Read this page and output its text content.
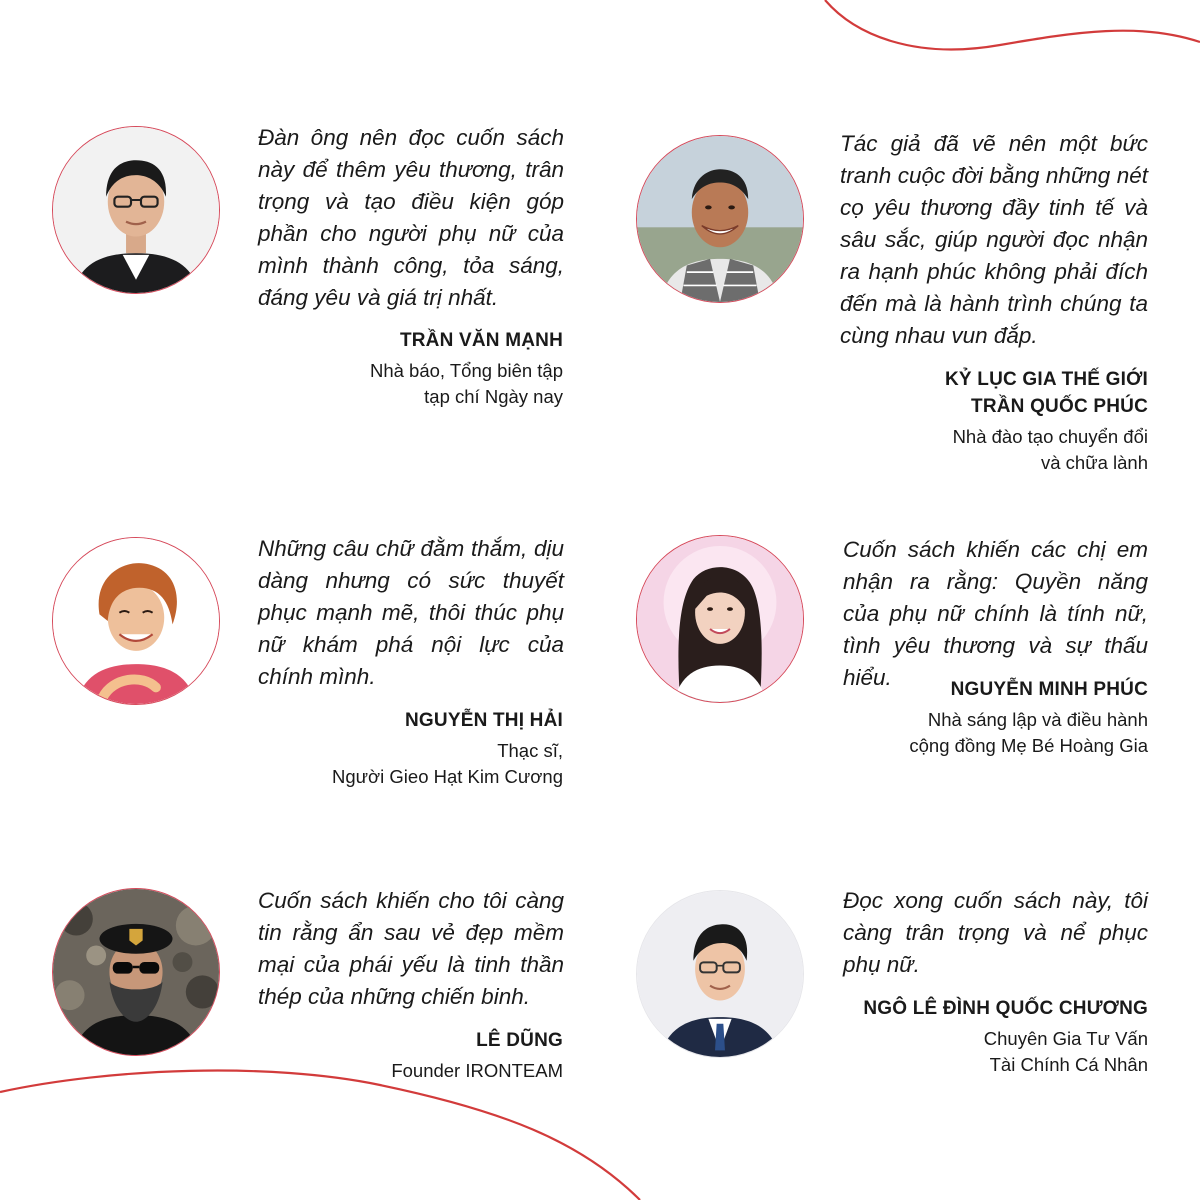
Đàn ông nên đọc cuốn sách này để thêm yêu thương, trân trọng và tạo điều kiện góp phần cho người phụ nữ của mình thành công, tỏa sáng, đáng yêu và giá trị nhất.

TRẦN VĂN MẠNH
Nhà báo, Tổng biên tập
tạp chí Ngày nay

Tác giả đã vẽ nên một bức tranh cuộc đời bằng những nét cọ yêu thương đầy tinh tế và sâu sắc, giúp người đọc nhận ra hạnh phúc không phải đích đến mà là hành trình chúng ta cùng nhau vun đắp.

KỶ LỤC GIA THẾ GIỚI
TRẦN QUỐC PHÚC
Nhà đào tạo chuyển đổi
và chữa lành

Những câu chữ đằm thắm, dịu dàng nhưng có sức thuyết phục mạnh mẽ, thôi thúc phụ nữ khám phá nội lực của chính mình.

NGUYỄN THỊ HẢI
Thạc sĩ,
Người Gieo Hạt Kim Cương

Cuốn sách khiến các chị em nhận ra rằng: Quyền năng của phụ nữ chính là tính nữ, tình yêu thương và sự thấu hiểu.	NGUYỄN MINH PHÚC
Nhà sáng lập và điều hành
cộng đồng Mẹ Bé Hoàng Gia

Cuốn sách khiến cho tôi càng tin rằng ẩn sau vẻ đẹp mềm mại của phái yếu là tinh thần thép của những chiến binh.

LÊ DŨNG
Founder IRONTEAM

Đọc xong cuốn sách này, tôi càng trân trọng và nể phục phụ nữ.

NGÔ LÊ ĐÌNH QUỐC CHƯƠNG
Chuyên Gia Tư Vấn
Tài Chính Cá Nhân
